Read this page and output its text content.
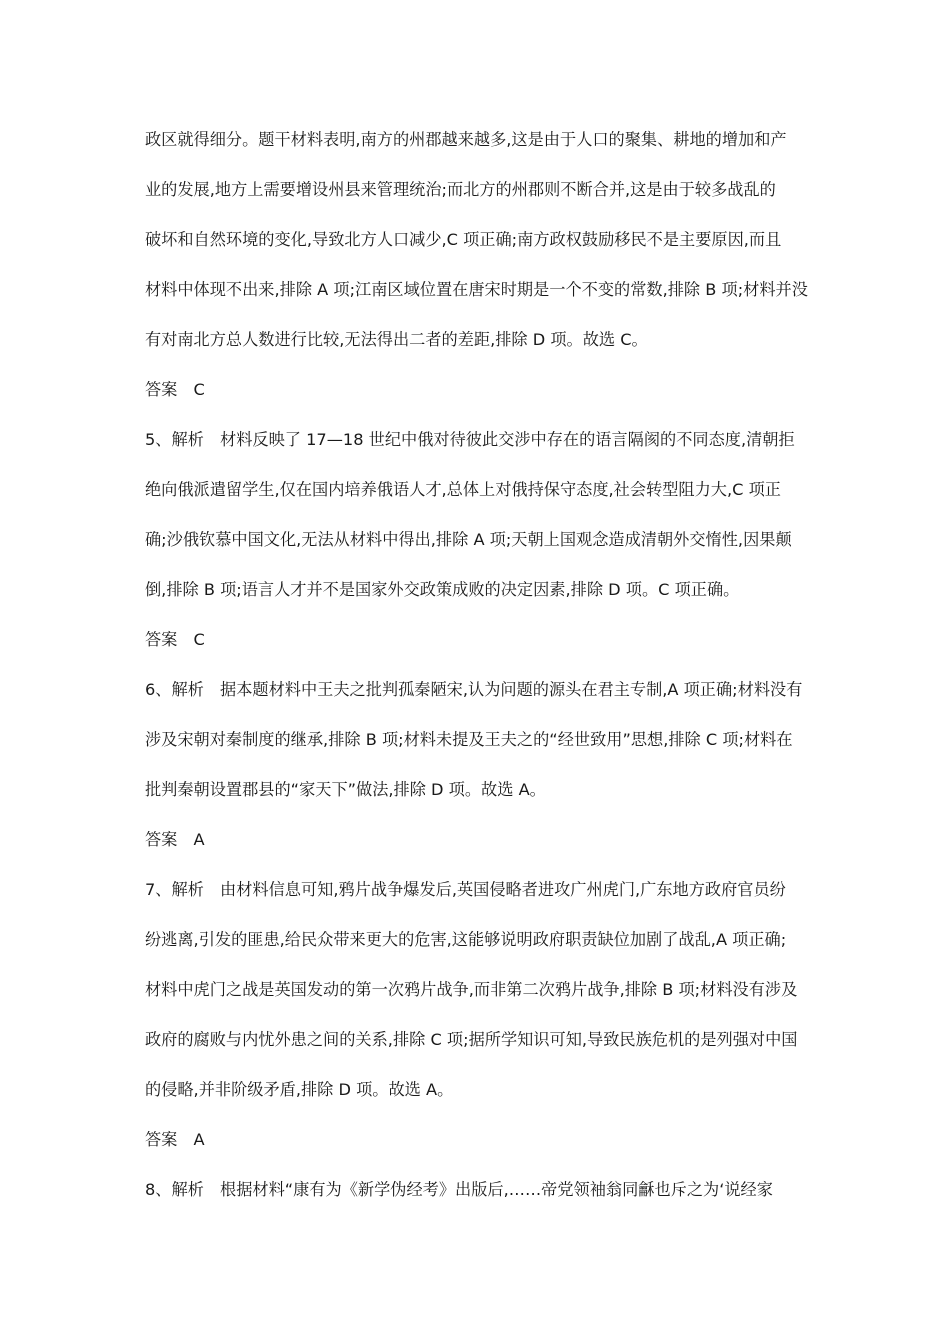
政区就得细分。题干材料表明,南方的州郡越来越多,这是由于人口的聚集、耕地的增加和产
业的发展,地方上需要增设州县来管理统治;而北方的州郡则不断合并,这是由于较多战乱的
破坏和自然环境的变化,导致北方人口减少,C 项正确;南方政权鼓励移民不是主要原因,而且
材料中体现不出来,排除 A 项;江南区域位置在唐宋时期是一个不变的常数,排除 B 项;材料并没
有对南北方总人数进行比较,无法得出二者的差距,排除 D 项。故选 C。
答案　C
5、解析　材料反映了 17—18 世纪中俄对待彼此交涉中存在的语言隔阂的不同态度,清朝拒
绝向俄派遣留学生,仅在国内培养俄语人才,总体上对俄持保守态度,社会转型阻力大,C 项正
确;沙俄钦慕中国文化,无法从材料中得出,排除 A 项;天朝上国观念造成清朝外交惰性,因果颠
倒,排除 B 项;语言人才并不是国家外交政策成败的决定因素,排除 D 项。C 项正确。
答案　C
6、解析　据本题材料中王夫之批判孤秦陋宋,认为问题的源头在君主专制,A 项正确;材料没有
涉及宋朝对秦制度的继承,排除 B 项;材料未提及王夫之的“经世致用”思想,排除 C 项;材料在
批判秦朝设置郡县的“家天下”做法,排除 D 项。故选 A。
答案　A
7、解析　由材料信息可知,鸦片战争爆发后,英国侵略者进攻广州虎门,广东地方政府官员纷
纷逃离,引发的匪患,给民众带来更大的危害,这能够说明政府职责缺位加剧了战乱,A 项正确;
材料中虎门之战是英国发动的第一次鸦片战争,而非第二次鸦片战争,排除 B 项;材料没有涉及
政府的腐败与内忧外患之间的关系,排除 C 项;据所学知识可知,导致民族危机的是列强对中国
的侵略,并非阶级矛盾,排除 D 项。故选 A。
答案　A
8、解析　根据材料“康有为《新学伪经考》出版后,……帝党领袖翁同龢也斥之为‘说经家
